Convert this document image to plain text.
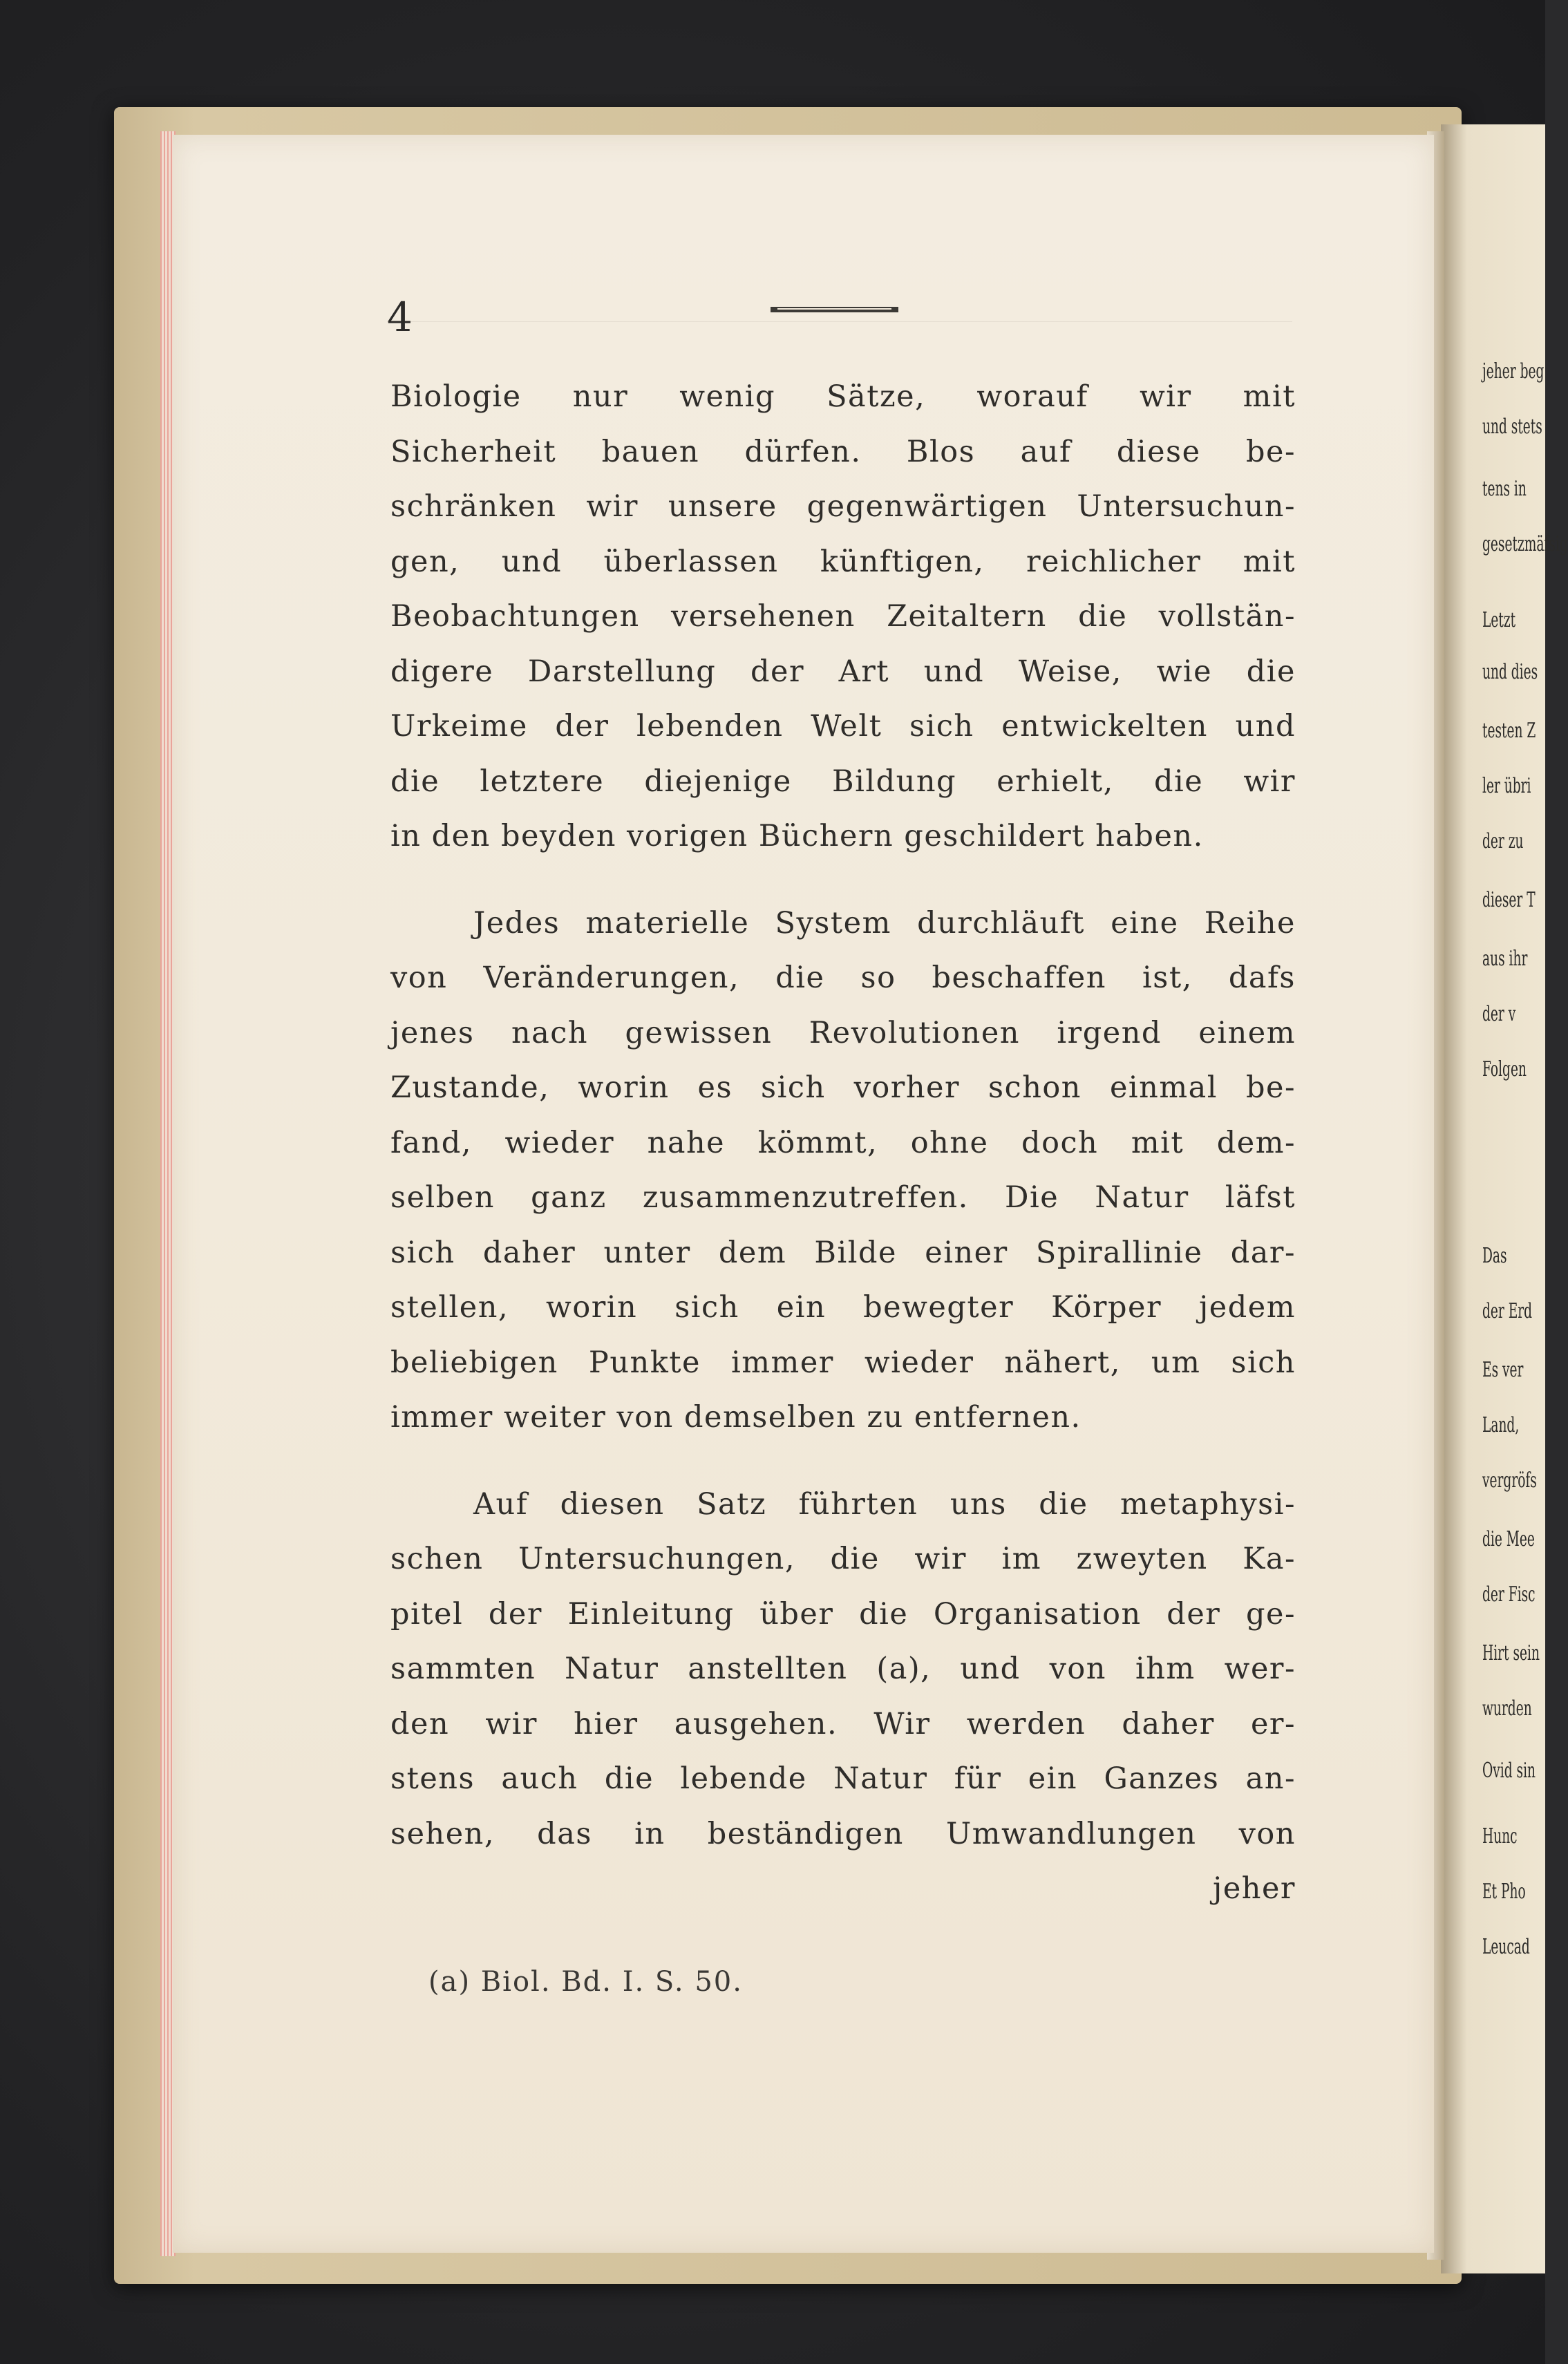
jeher beg
und stets
tens in
gesetzmäfsig
Letzt
und dies
testen Z
ler übri
der zu
dieser T
aus ihr
der v
Folgen
Das
der Erd
Es ver
Land,
vergröfs
die Mee
der Fisc
Hirt sein
wurden
Ovid sin
Hunc
Et Pho
Leucad
4
Biologie nur wenig Sätze, worauf wir mit
Sicherheit bauen dürfen. Blos auf diese be-
schränken wir unsere gegenwärtigen Untersuchun-
gen, und überlassen künftigen, reichlicher mit
Beobachtungen versehenen Zeitaltern die vollstän-
digere Darstellung der Art und Weise, wie die
Urkeime der lebenden Welt sich entwickelten und
die letztere diejenige Bildung erhielt, die wir
in den beyden vorigen Büchern geschildert haben.
Jedes materielle System durchläuft eine Reihe
von Veränderungen, die so beschaffen ist, dafs
jenes nach gewissen Revolutionen irgend einem
Zustande, worin es sich vorher schon einmal be-
fand, wieder nahe kömmt, ohne doch mit dem-
selben ganz zusammenzutreffen. Die Natur läfst
sich daher unter dem Bilde einer Spirallinie dar-
stellen, worin sich ein bewegter Körper jedem
beliebigen Punkte immer wieder nähert, um sich
immer weiter von demselben zu entfernen.
Auf diesen Satz führten uns die metaphysi-
schen Untersuchungen, die wir im zweyten Ka-
pitel der Einleitung über die Organisation der ge-
sammten Natur anstellten (a), und von ihm wer-
den wir hier ausgehen. Wir werden daher er-
stens auch die lebende Natur für ein Ganzes an-
sehen, das in beständigen Umwandlungen von
jeher
(a) Biol. Bd. I. S. 50.
